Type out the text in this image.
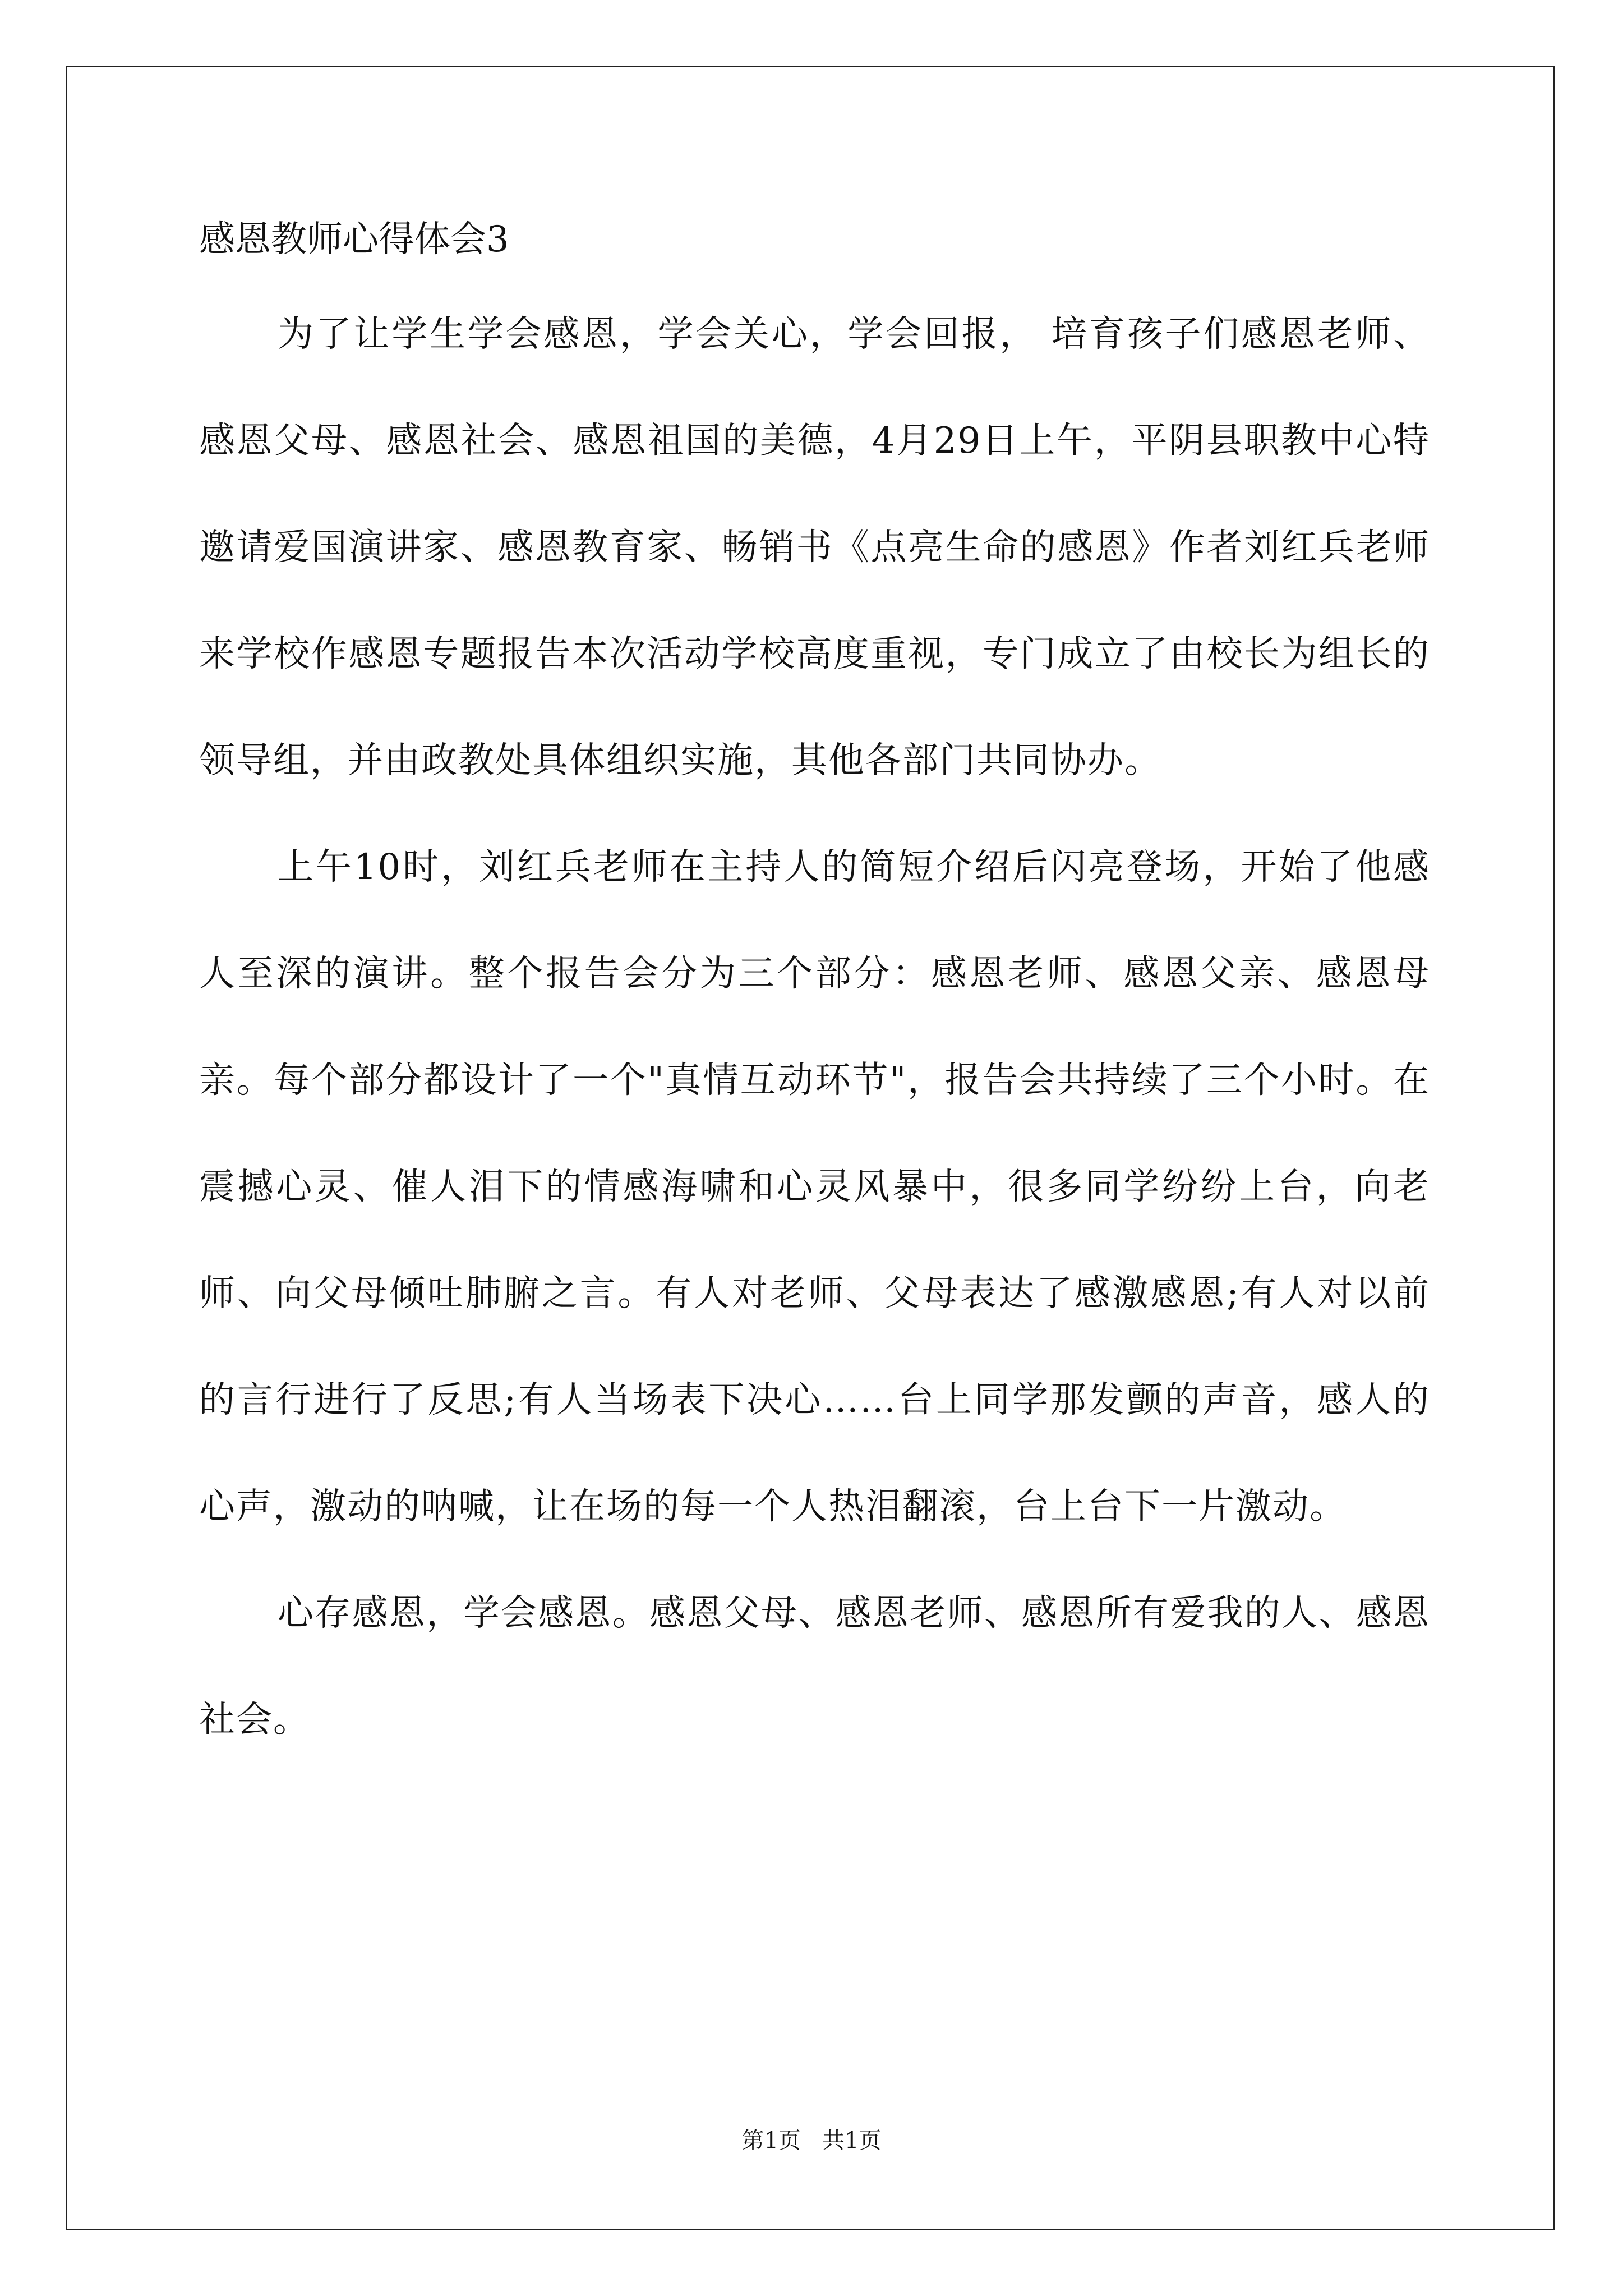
感恩教师心得体会3

为了让学生学会感恩，学会关心，学会回报， 培育孩子们感恩老师、感恩父母、感恩社会、感恩祖国的美德，4月29日上午，平阴县职教中心特邀请爱国演讲家、感恩教育家、畅销书《点亮生命的感恩》作者刘红兵老师来学校作感恩专题报告本次活动学校高度重视，专门成立了由校长为组长的领导组，并由政教处具体组织实施，其他各部门共同协办。

上午10时，刘红兵老师在主持人的简短介绍后闪亮登场，开始了他感人至深的演讲。整个报告会分为三个部分：感恩老师、感恩父亲、感恩母亲。每个部分都设计了一个"真情互动环节"，报告会共持续了三个小时。在震撼心灵、催人泪下的情感海啸和心灵风暴中，很多同学纷纷上台，向老师、向父母倾吐肺腑之言。有人对老师、父母表达了感激感恩;有人对以前的言行进行了反思;有人当场表下决心……台上同学那发颤的声音，感人的心声，激动的呐喊，让在场的每一个人热泪翻滚，台上台下一片激动。

心存感恩，学会感恩。感恩父母、感恩老师、感恩所有爱我的人、感恩社会。

第1页   共1页
